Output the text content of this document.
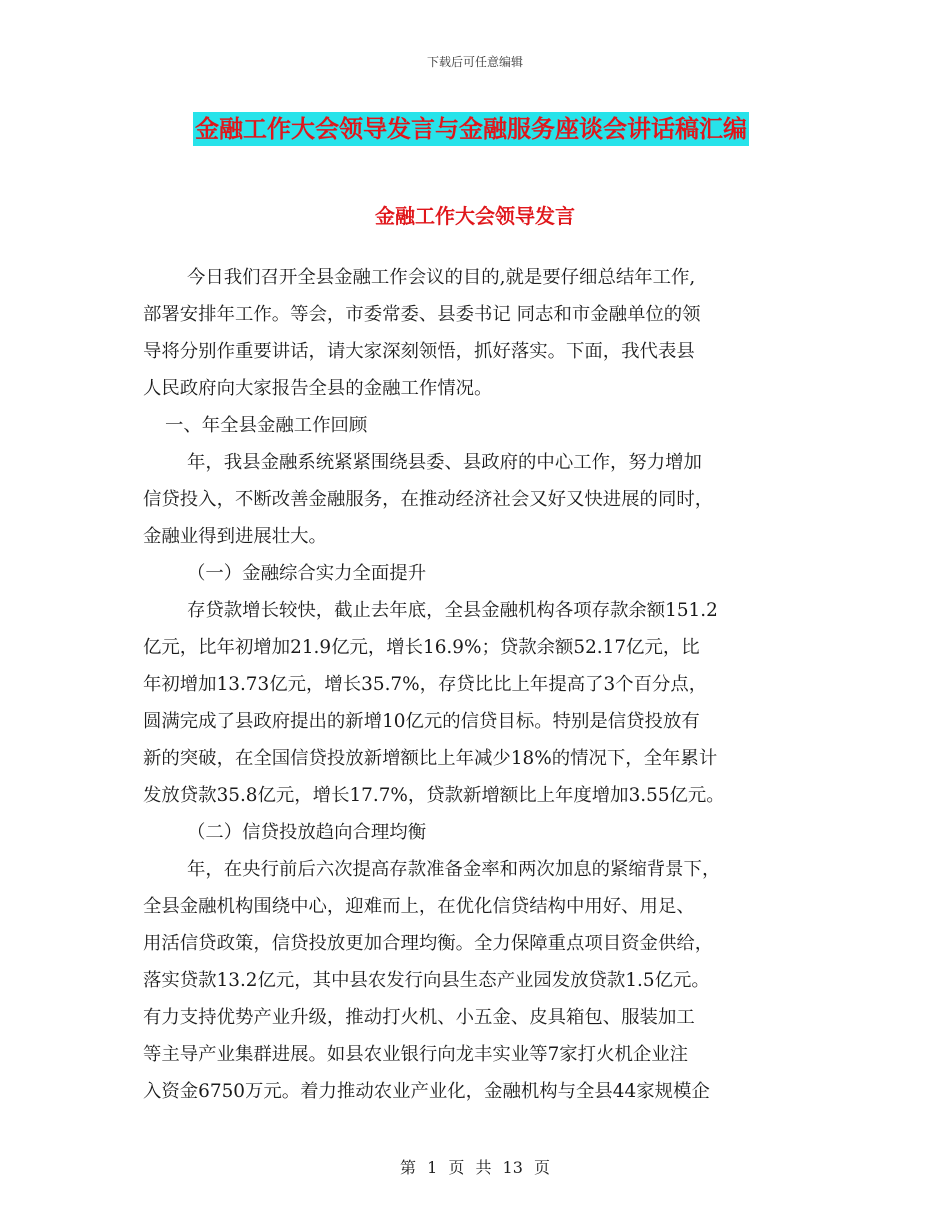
下载后可任意编辑
金融工作大会领导发言与金融服务座谈会讲话稿汇编
金融工作大会领导发言
今日我们召开全县金融工作会议的目的,就是要仔细总结年工作,
部署安排年工作。等会，市委常委、县委书记 同志和市金融单位的领
导将分别作重要讲话，请大家深刻领悟，抓好落实。下面，我代表县
人民政府向大家报告全县的金融工作情况。
一、年全县金融工作回顾
年，我县金融系统紧紧围绕县委、县政府的中心工作，努力增加
信贷投入，不断改善金融服务，在推动经济社会又好又快进展的同时，
金融业得到进展壮大。
（一）金融综合实力全面提升
存贷款增长较快，截止去年底，全县金融机构各项存款余额151.2
亿元，比年初增加21.9亿元，增长16.9%；贷款余额52.17亿元，比
年初增加13.73亿元，增长35.7%，存贷比比上年提高了3个百分点，
圆满完成了县政府提出的新增10亿元的信贷目标。特别是信贷投放有
新的突破，在全国信贷投放新增额比上年减少18%的情况下，全年累计
发放贷款35.8亿元，增长17.7%，贷款新增额比上年度增加3.55亿元。
（二）信贷投放趋向合理均衡
年，在央行前后六次提高存款准备金率和两次加息的紧缩背景下，
全县金融机构围绕中心，迎难而上，在优化信贷结构中用好、用足、
用活信贷政策，信贷投放更加合理均衡。全力保障重点项目资金供给，
落实贷款13.2亿元，其中县农发行向县生态产业园发放贷款1.5亿元。
有力支持优势产业升级，推动打火机、小五金、皮具箱包、服装加工
等主导产业集群进展。如县农业银行向龙丰实业等7家打火机企业注
入资金6750万元。着力推动农业产业化，金融机构与全县44家规模企
第 1 页 共 13 页
